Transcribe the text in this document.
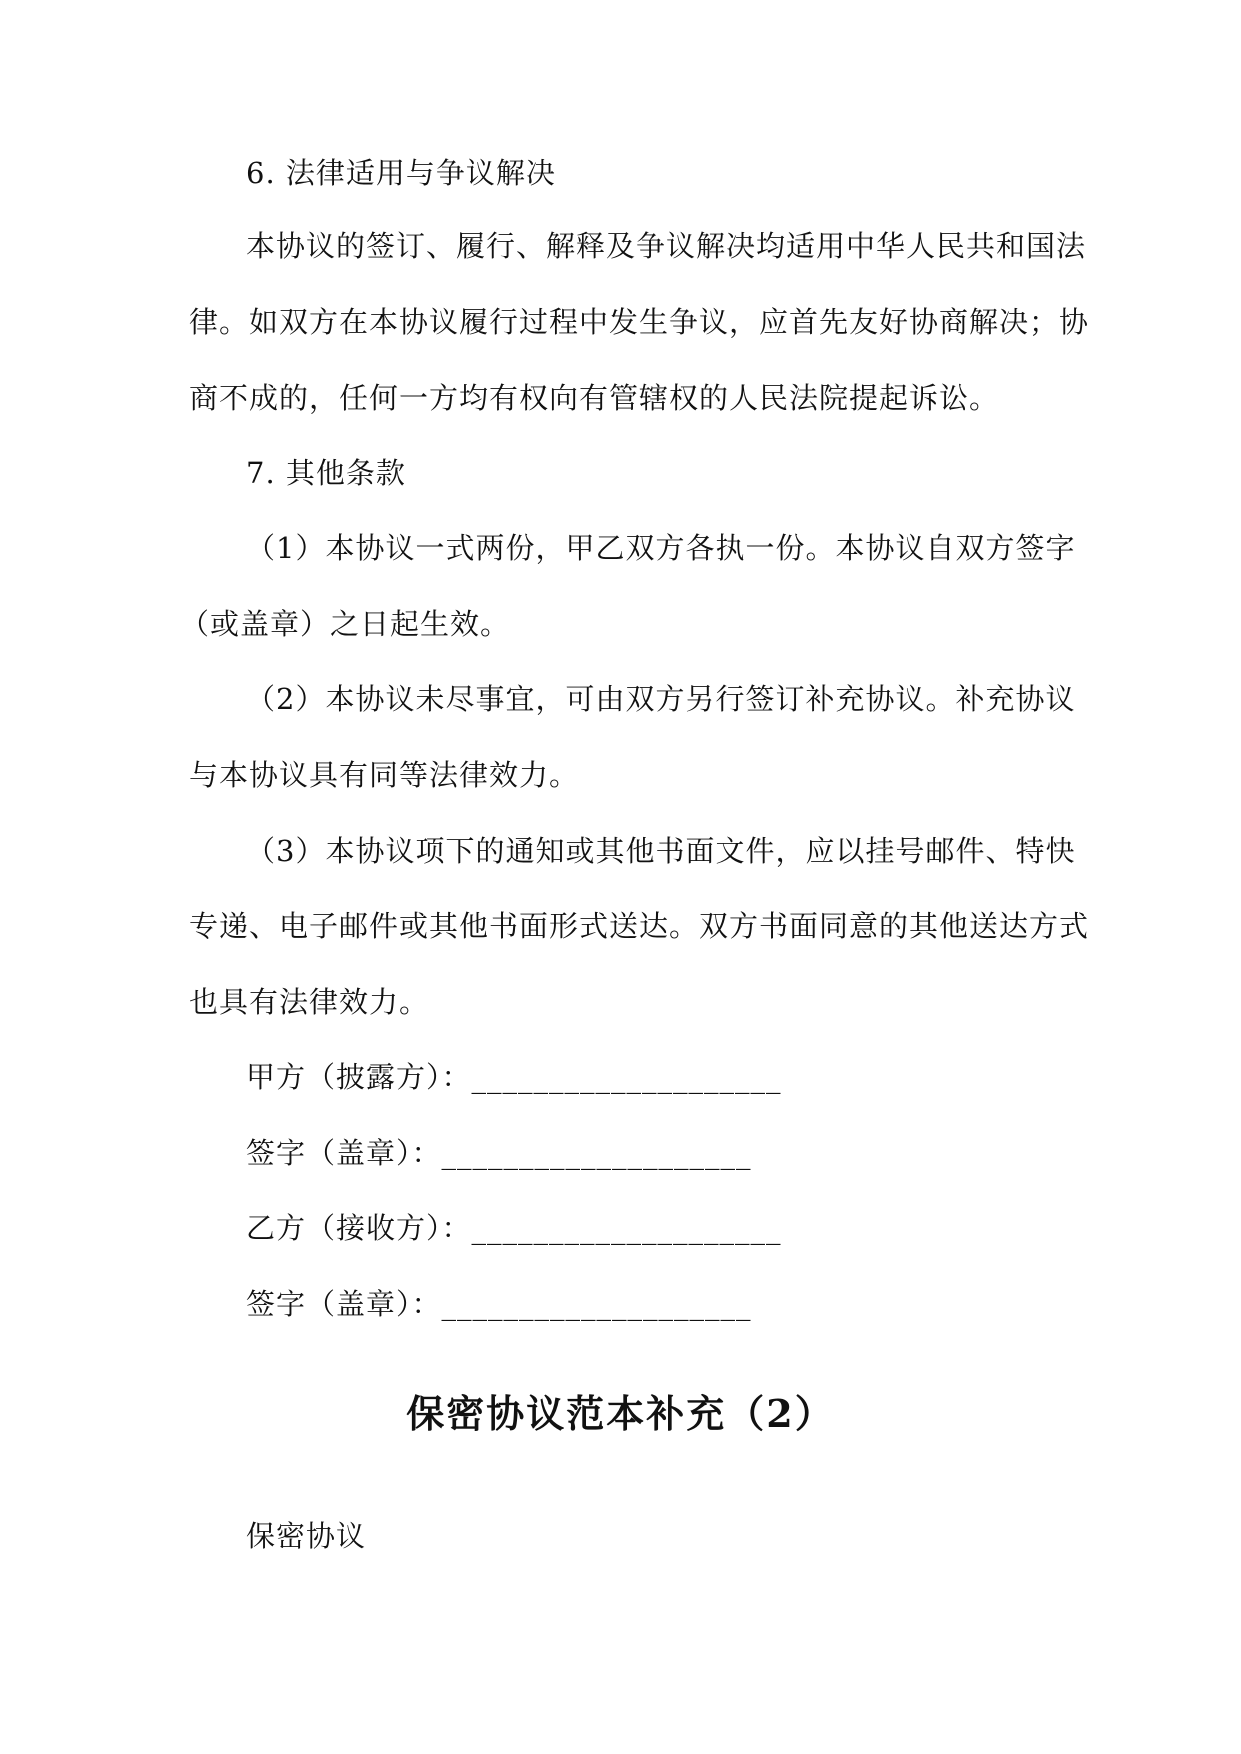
6. 法律适用与争议解决
本协议的签订、履行、解释及争议解决均适用中华人民共和国法
律。如双方在本协议履行过程中发生争议，应首先友好协商解决；协
商不成的，任何一方均有权向有管辖权的人民法院提起诉讼。
7. 其他条款
（1）本协议一式两份，甲乙双方各执一份。本协议自双方签字
（或盖章）之日起生效。
（2）本协议未尽事宜，可由双方另行签订补充协议。补充协议
与本协议具有同等法律效力。
（3）本协议项下的通知或其他书面文件，应以挂号邮件、特快
专递、电子邮件或其他书面形式送达。双方书面同意的其他送达方式
也具有法律效力。
甲方（披露方）：____________________
签字（盖章）：____________________
乙方（接收方）：____________________
签字（盖章）：____________________
保密协议范本补充（2）
保密协议
